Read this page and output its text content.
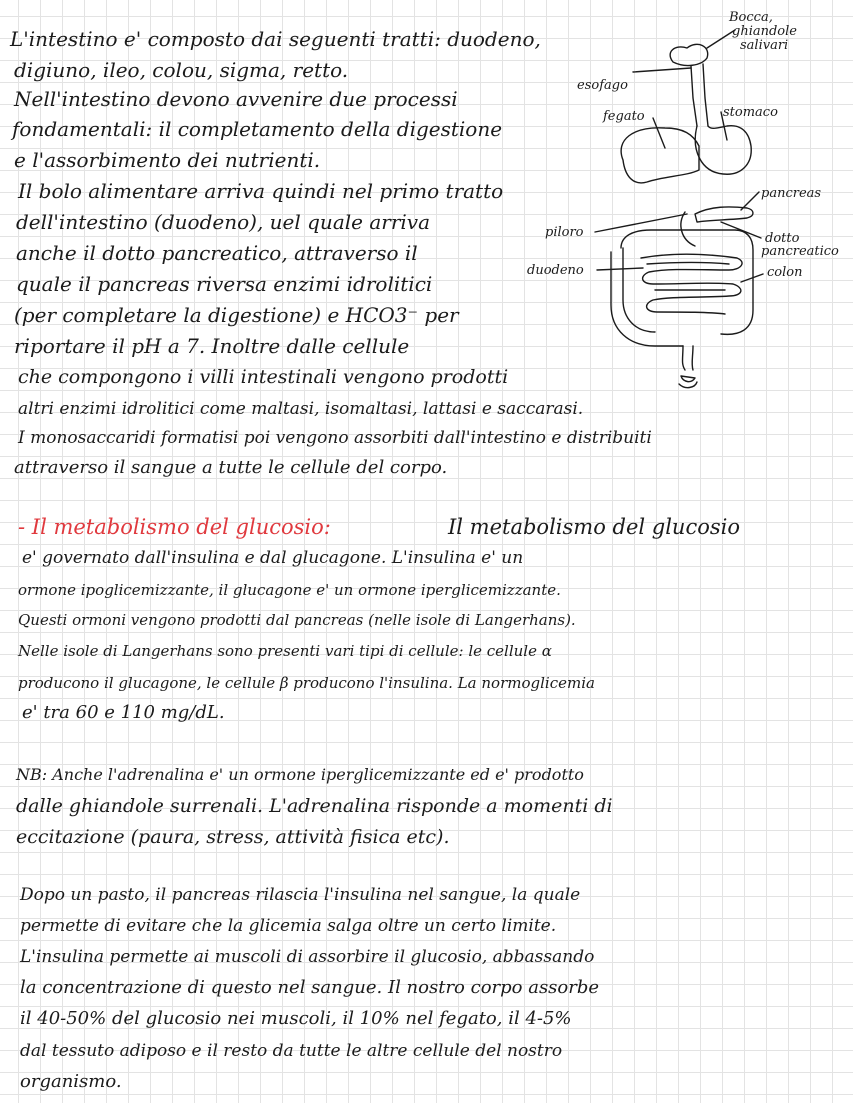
L'intestino e' composto dai seguenti tratti: duodeno,
digiuno, ileo, colou, sigma, retto.
Nell'intestino devono avvenire due processi
fondamentali: il completamento della digestione
e l'assorbimento dei nutrienti.
Il bolo alimentare arriva quindi nel primo tratto
dell'intestino (duodeno), uel quale arriva
anche il dotto pancreatico, attraverso il
quale il pancreas riversa enzimi idrolitici
(per completare la digestione) e HCO3⁻ per
riportare il pH a 7. Inoltre dalle cellule
che compongono i villi intestinali vengono prodotti
altri enzimi idrolitici come maltasi, isomaltasi, lattasi e saccarasi.
I monosaccaridi formatisi poi vengono assorbiti dall'intestino e distribuiti
attraverso il sangue a tutte le cellule del corpo.
- Il metabolismo del glucosio:	Il metabolismo del glucosio
e' governato dall'insulina e dal glucagone. L'insulina e' un
ormone ipoglicemizzante, il glucagone e' un ormone iperglicemizzante.
Questi ormoni vengono prodotti dal pancreas (nelle isole di Langerhans).
Nelle isole di Langerhans sono presenti vari tipi di cellule: le cellule α
producono il glucagone, le cellule β producono l'insulina. La normoglicemia
e' tra 60 e 110 mg/dL.
NB: Anche l'adrenalina e' un ormone iperglicemizzante ed e' prodotto
dalle ghiandole surrenali. L'adrenalina risponde a momenti di
eccitazione (paura, stress, attività fisica etc).
Dopo un pasto, il pancreas rilascia l'insulina nel sangue, la quale
permette di evitare che la glicemia salga oltre un certo limite.
L'insulina permette ai muscoli di assorbire il glucosio, abbassando
la concentrazione di questo nel sangue. Il nostro corpo assorbe
il 40-50% del glucosio nei muscoli, il 10% nel fegato, il 4-5%
dal tessuto adiposo e il resto da tutte le altre cellule del nostro
organismo.
Bocca,
ghiandole
salivari
esofago
fegato	stomaco
pancreas
piloro	dotto
pancreatico
duodeno	colon
